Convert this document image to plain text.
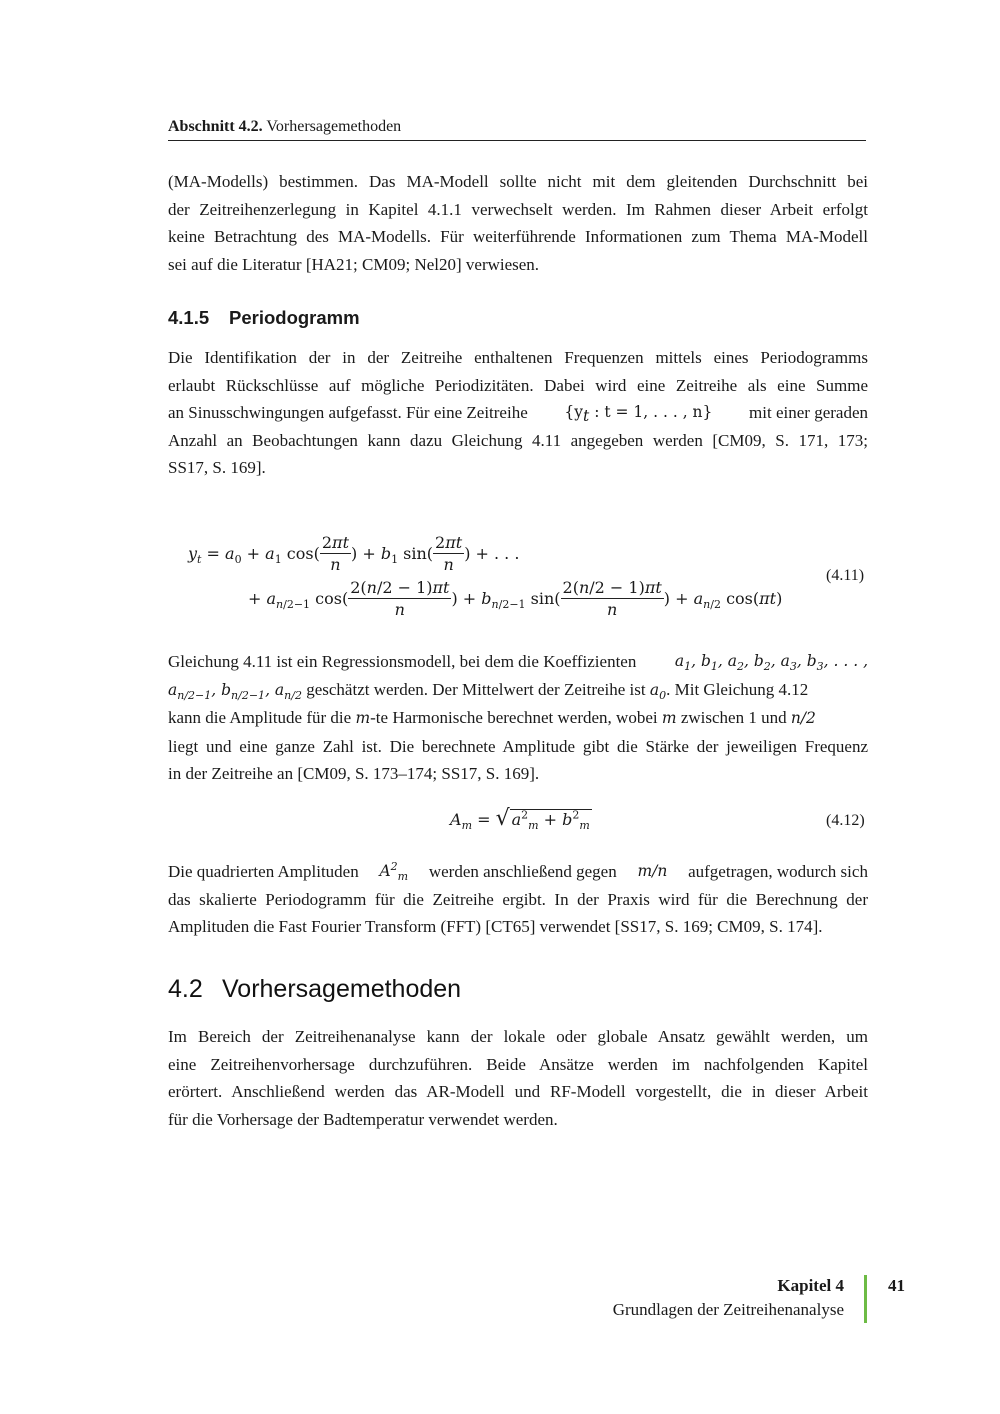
Abschnitt 4.2. Vorhersagemethoden
(MA-Modells) bestimmen. Das MA-Modell sollte nicht mit dem gleitenden Durchschnitt bei
der Zeitreihenzerlegung in Kapitel 4.1.1 verwechselt werden. Im Rahmen dieser Arbeit erfolgt
keine Betrachtung des MA-Modells. Für weiterführende Informationen zum Thema MA-Modell
sei auf die Literatur [HA21; CM09; Nel20] verwiesen.
4.1.5 Periodogramm
Die Identifikation der in der Zeitreihe enthaltenen Frequenzen mittels eines Periodogramms
erlaubt Rückschlüsse auf mögliche Periodizitäten. Dabei wird eine Zeitreihe als eine Summe
an Sinusschwingungen aufgefasst. Für eine Zeitreihe {$y_t$ : t = 1, . . . , n} mit einer geraden
Anzahl an Beobachtungen kann dazu Gleichung 4.11 angegeben werden [CM09, S. 171, 173;
SS17, S. 169].
$y_t = a_0 + a_1$ $\cos( \frac{2\pi t}{n}$ ) + $b_1$ $\sin( \frac{2\pi t}{n}$ ) + . . .
+ $a_{n/2-1}$ $\cos( \frac{2(n/2 - 1)\pi t}{n}$ ) + $b_{n/2-1}$ $\sin( \frac{2(n/2 - 1)\pi t}{n}$ ) + $a_{n/2}$ cos(πt)
(4.11)
Gleichung 4.11 ist ein Regressionsmodell, bei dem die Koeffizienten $a_1$, $b_1$, $a_2$, $b_2$, $a_3$, $b_3$, . . . ,
$a_{n/2-1}$, $b_{n/2-1}$, $a_{n/2}$ geschätzt werden. Der Mittelwert der Zeitreihe ist $a_0$. Mit Gleichung 4.12
kann die Amplitude für die m-te Harmonische berechnet werden, wobei m zwischen 1 und n/2
liegt und eine ganze Zahl ist. Die berechnete Amplitude gibt die Stärke der jeweiligen Frequenz
in der Zeitreihe an [CM09, S. 173–174; SS17, S. 169].
$A_m$ = √ $a^2_m + b^2_m$	(4.12)
Die quadrierten Amplituden $A^2_m$ werden anschließend gegen m/n aufgetragen, wodurch sich
das skalierte Periodogramm für die Zeitreihe ergibt. In der Praxis wird für die Berechnung der
Amplituden die Fast Fourier Transform (FFT) [CT65] verwendet [SS17, S. 169; CM09, S. 174].
4.2 Vorhersagemethoden
Im Bereich der Zeitreihenanalyse kann der lokale oder globale Ansatz gewählt werden, um
eine Zeitreihenvorhersage durchzuführen. Beide Ansätze werden im nachfolgenden Kapitel
erörtert. Anschließend werden das AR-Modell und RF-Modell vorgestellt, die in dieser Arbeit
für die Vorhersage der Badtemperatur verwendet werden.
Kapitel 4
Grundlagen der Zeitreihenanalyse
41
